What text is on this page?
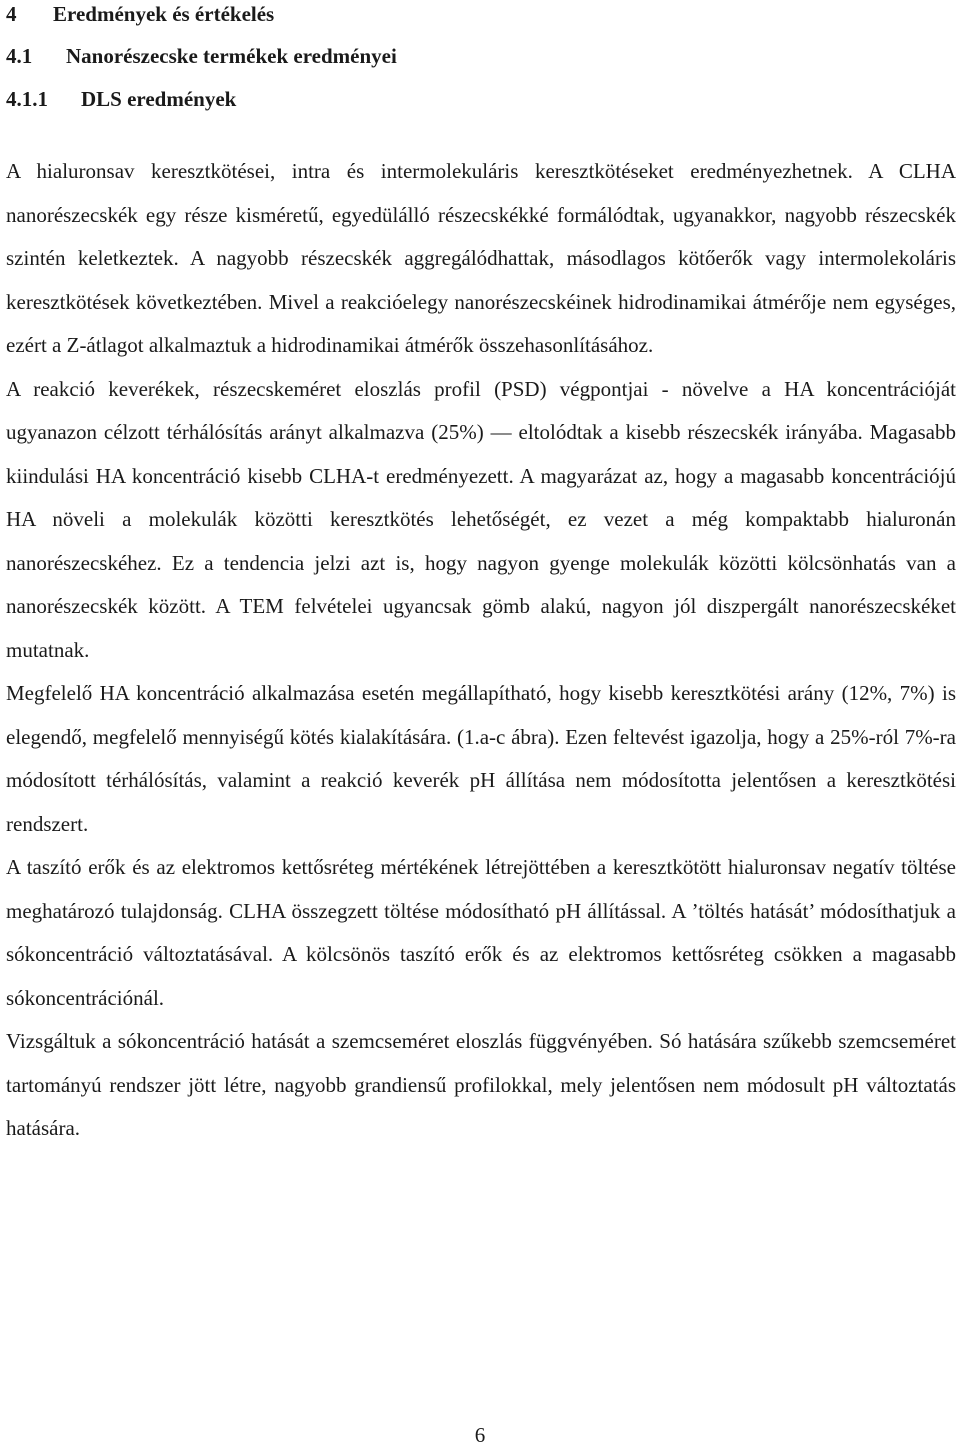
4	Eredmények és értékelés
4.1	Nanorészecske termékek eredményei
4.1.1	DLS eredmények

A hialuronsav keresztkötései, intra és intermolekuláris keresztkötéseket eredményezhetnek. A CLHA nanorészecskék egy része kisméretű, egyedülálló részecskékké formálódtak, ugyanakkor, nagyobb részecskék szintén keletkeztek. A nagyobb részecskék aggregálódhattak, másodlagos kötőerők vagy intermolekoláris keresztkötések következtében. Mivel a reakcióelegy nanorészecskéinek hidrodinamikai átmérője nem egységes, ezért a Z-átlagot alkalmaztuk a hidrodinamikai átmérők összehasonlításához.

A reakció keverékek, részecskeméret eloszlás profil (PSD) végpontjai - növelve a HA koncentrációját ugyanazon célzott térhálósítás arányt alkalmazva (25%) — eltolódtak a kisebb részecskék irányába. Magasabb kiindulási HA koncentráció kisebb CLHA-t eredményezett. A magyarázat az, hogy a magasabb koncentrációjú HA növeli a molekulák közötti keresztkötés lehetőségét, ez vezet a még kompaktabb hialuronán nanorészecskéhez. Ez a tendencia jelzi azt is, hogy nagyon gyenge molekulák közötti kölcsönhatás van a nanorészecskék között. A TEM felvételei ugyancsak gömb alakú, nagyon jól diszpergált nanorészecskéket mutatnak.

Megfelelő HA koncentráció alkalmazása esetén megállapítható, hogy kisebb keresztkötési arány (12%, 7%) is elegendő, megfelelő mennyiségű kötés kialakítására. (1.a-c ábra). Ezen feltevést igazolja, hogy a 25%-ról 7%-ra módosított térhálósítás, valamint a reakció keverék pH állítása nem módosította jelentősen a keresztkötési rendszert.

A taszító erők és az elektromos kettősréteg mértékének létrejöttében a keresztkötött hialuronsav negatív töltése meghatározó tulajdonság. CLHA összegzett töltése módosítható pH állítással. A ’töltés hatását’ módosíthatjuk a sókoncentráció változtatásával. A kölcsönös taszító erők és az elektromos kettősréteg csökken a magasabb sókoncentrációnál.

Vizsgáltuk a sókoncentráció hatását a szemcseméret eloszlás függvényében. Só hatására szűkebb szemcseméret tartományú rendszer jött létre, nagyobb grandiensű profilokkal, mely jelentősen nem módosult pH változtatás hatására.

6
